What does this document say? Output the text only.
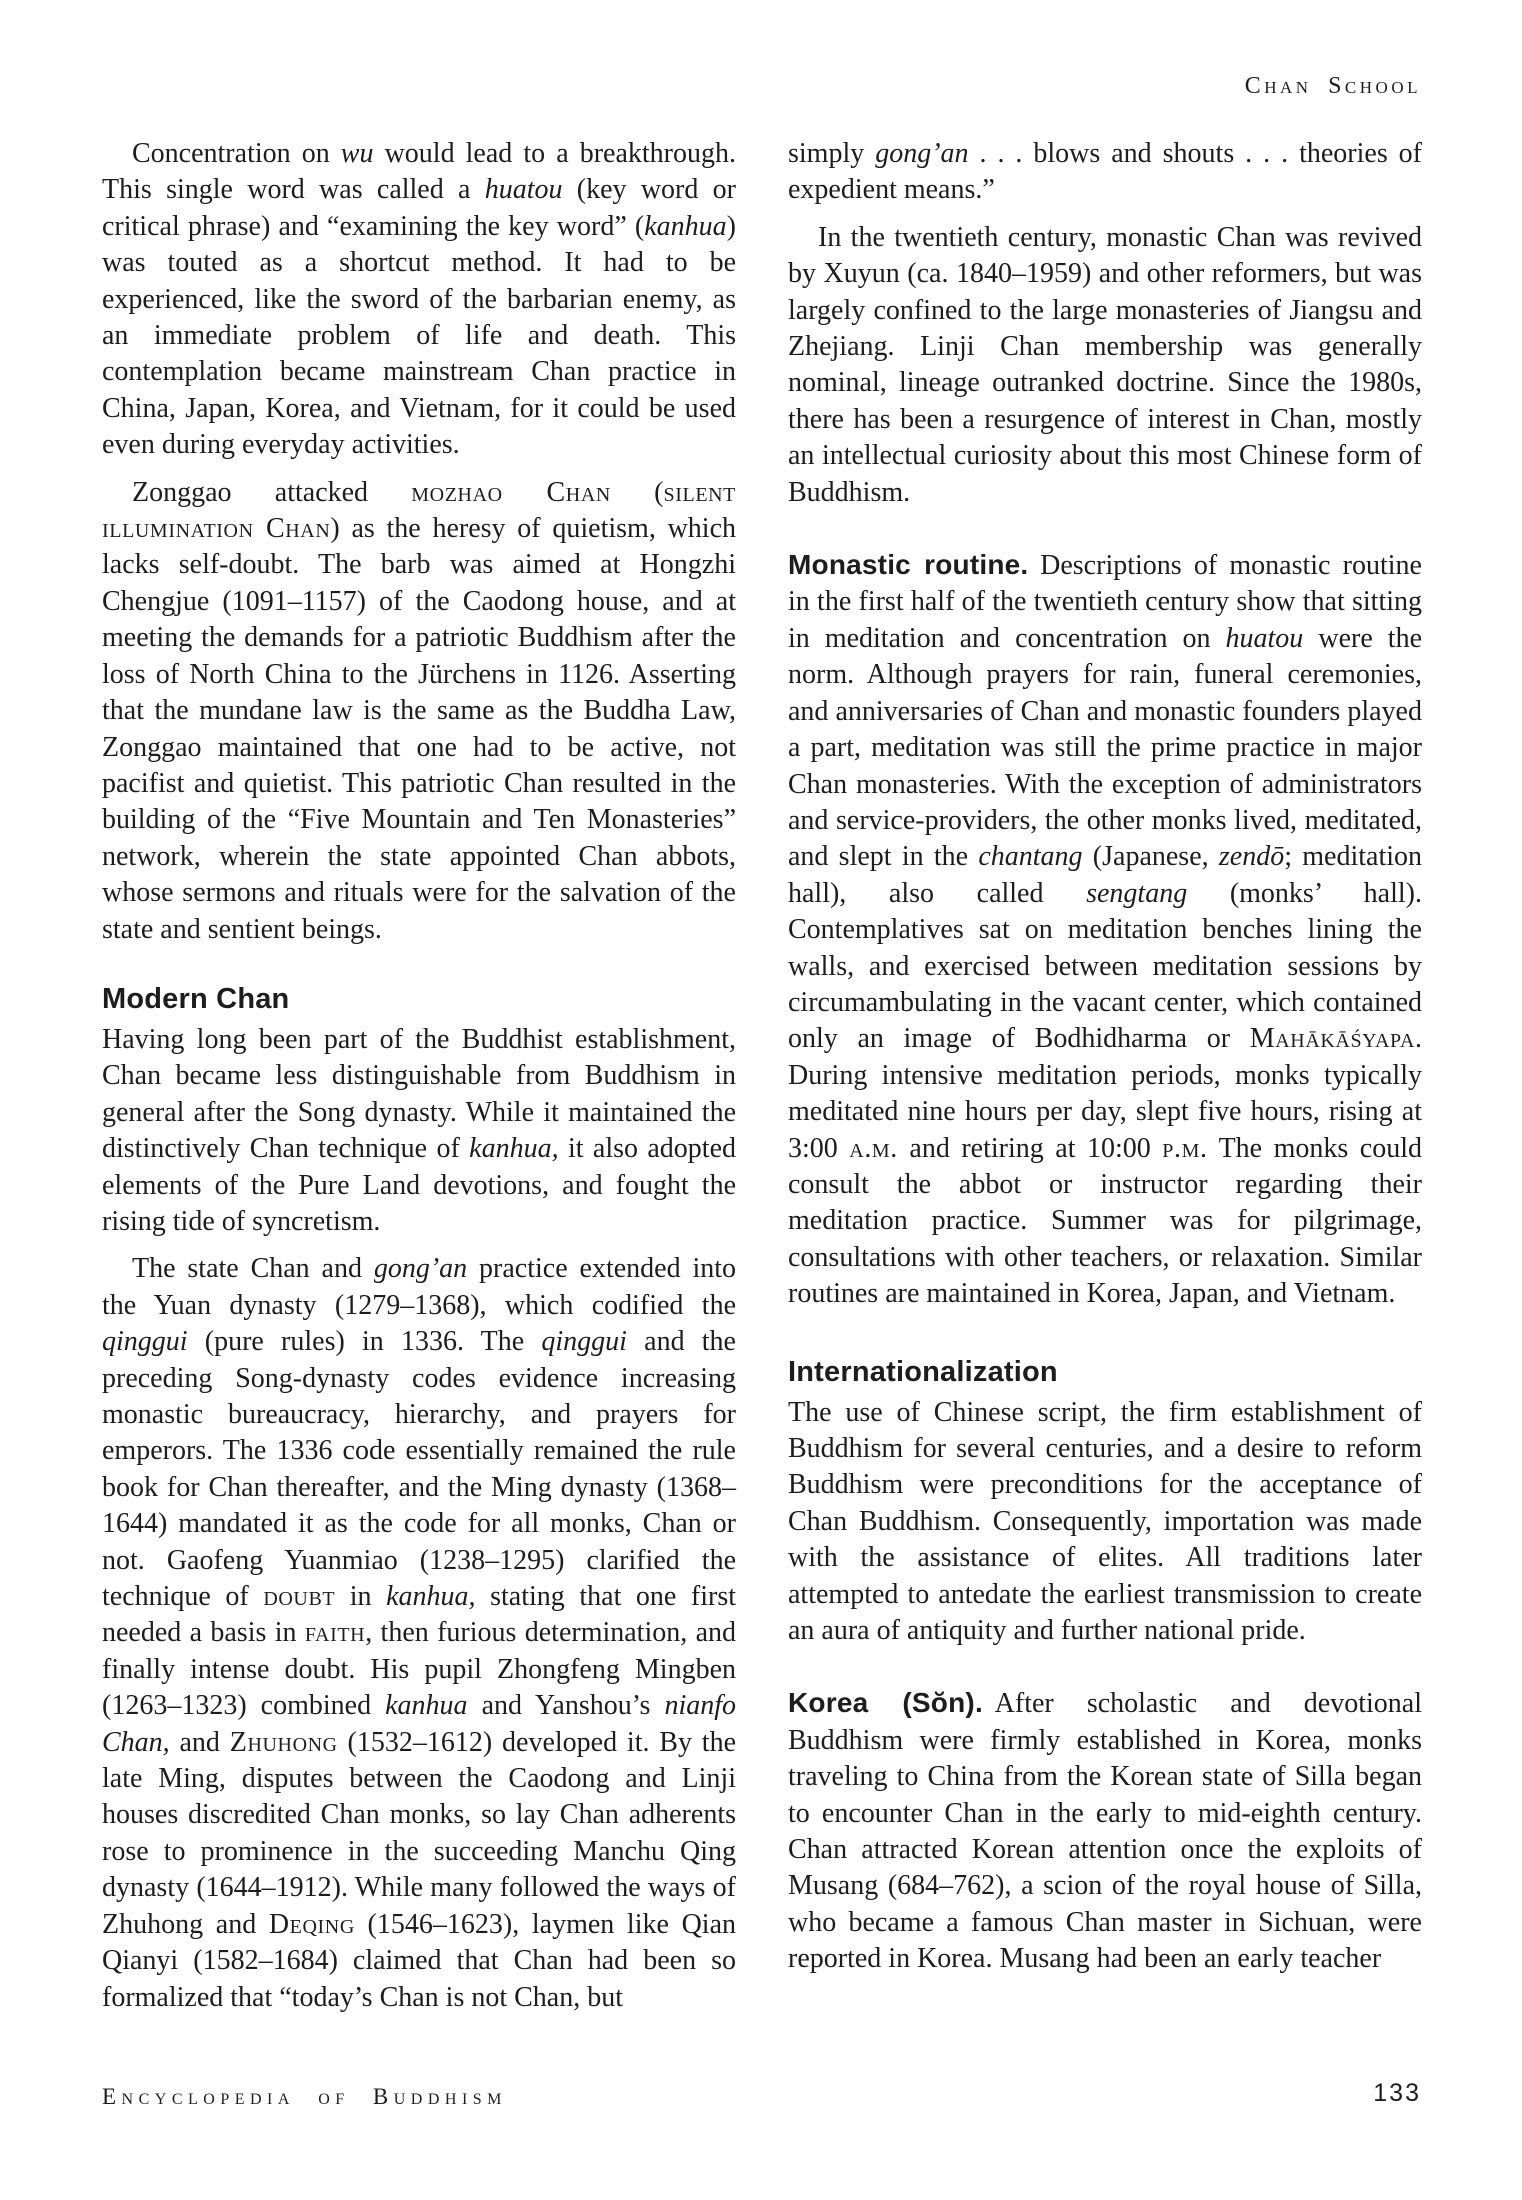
Chan School

Concentration on wu would lead to a breakthrough. This single word was called a huatou (key word or critical phrase) and “examining the key word” (kanhua) was touted as a shortcut method. It had to be experienced, like the sword of the barbarian enemy, as an immediate problem of life and death. This contemplation became mainstream Chan practice in China, Japan, Korea, and Vietnam, for it could be used even during everyday activities.

Zonggao attacked mozhao Chan (silent illumination Chan) as the heresy of quietism, which lacks self-doubt. The barb was aimed at Hongzhi Chengjue (1091–1157) of the Caodong house, and at meeting the demands for a patriotic Buddhism after the loss of North China to the Jürchens in 1126. Asserting that the mundane law is the same as the Buddha Law, Zonggao maintained that one had to be active, not pacifist and quietist. This patriotic Chan resulted in the building of the “Five Mountain and Ten Monasteries” network, wherein the state appointed Chan abbots, whose sermons and rituals were for the salvation of the state and sentient beings.

Modern Chan

Having long been part of the Buddhist establishment, Chan became less distinguishable from Buddhism in general after the Song dynasty. While it maintained the distinctively Chan technique of kanhua, it also adopted elements of the Pure Land devotions, and fought the rising tide of syncretism.

The state Chan and gong’an practice extended into the Yuan dynasty (1279–1368), which codified the qinggui (pure rules) in 1336. The qinggui and the preceding Song-dynasty codes evidence increasing monastic bureaucracy, hierarchy, and prayers for emperors. The 1336 code essentially remained the rule book for Chan thereafter, and the Ming dynasty (1368–1644) mandated it as the code for all monks, Chan or not. Gaofeng Yuanmiao (1238–1295) clarified the technique of doubt in kanhua, stating that one first needed a basis in faith, then furious determination, and finally intense doubt. His pupil Zhongfeng Mingben (1263–1323) combined kanhua and Yanshou’s nianfo Chan, and Zhuhong (1532–1612) developed it. By the late Ming, disputes between the Caodong and Linji houses discredited Chan monks, so lay Chan adherents rose to prominence in the succeeding Manchu Qing dynasty (1644–1912). While many followed the ways of Zhuhong and Deqing (1546–1623), laymen like Qian Qianyi (1582–1684) claimed that Chan had been so formalized that “today’s Chan is not Chan, but

simply gong’an . . . blows and shouts . . . theories of expedient means.”

In the twentieth century, monastic Chan was revived by Xuyun (ca. 1840–1959) and other reformers, but was largely confined to the large monasteries of Jiangsu and Zhejiang. Linji Chan membership was generally nominal, lineage outranked doctrine. Since the 1980s, there has been a resurgence of interest in Chan, mostly an intellectual curiosity about this most Chinese form of Buddhism.

Monastic routine. Descriptions of monastic routine in the first half of the twentieth century show that sitting in meditation and concentration on huatou were the norm. Although prayers for rain, funeral ceremonies, and anniversaries of Chan and monastic founders played a part, meditation was still the prime practice in major Chan monasteries. With the exception of administrators and service-providers, the other monks lived, meditated, and slept in the chantang (Japanese, zendō; meditation hall), also called sengtang (monks’ hall). Contemplatives sat on meditation benches lining the walls, and exercised between meditation sessions by circumambulating in the vacant center, which contained only an image of Bodhidharma or Mahākāśyapa. During intensive meditation periods, monks typically meditated nine hours per day, slept five hours, rising at 3:00 a.m. and retiring at 10:00 p.m. The monks could consult the abbot or instructor regarding their meditation practice. Summer was for pilgrimage, consultations with other teachers, or relaxation. Similar routines are maintained in Korea, Japan, and Vietnam.

Internationalization

The use of Chinese script, the firm establishment of Buddhism for several centuries, and a desire to reform Buddhism were preconditions for the acceptance of Chan Buddhism. Consequently, importation was made with the assistance of elites. All traditions later attempted to antedate the earliest transmission to create an aura of antiquity and further national pride.

Korea (Sŏn). After scholastic and devotional Buddhism were firmly established in Korea, monks traveling to China from the Korean state of Silla began to encounter Chan in the early to mid-eighth century. Chan attracted Korean attention once the exploits of Musang (684–762), a scion of the royal house of Silla, who became a famous Chan master in Sichuan, were reported in Korea. Musang had been an early teacher

Encyclopedia of Buddhism	133
